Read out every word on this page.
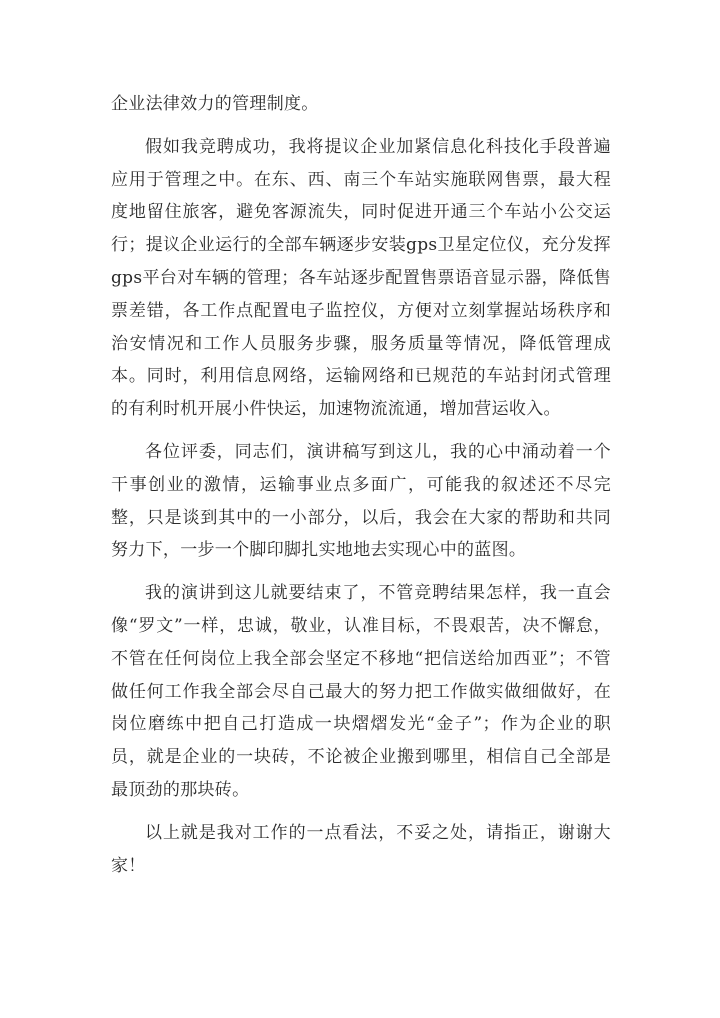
企业法律效力的管理制度。

假如我竞聘成功，我将提议企业加紧信息化科技化手段普遍应用于管理之中。在东、西、南三个车站实施联网售票，最大程度地留住旅客，避免客源流失，同时促进开通三个车站小公交运行；提议企业运行的全部车辆逐步安装gps卫星定位仪，充分发挥gps平台对车辆的管理；各车站逐步配置售票语音显示器，降低售票差错，各工作点配置电子监控仪，方便对立刻掌握站场秩序和治安情况和工作人员服务步骤，服务质量等情况，降低管理成本。同时，利用信息网络，运输网络和已规范的车站封闭式管理的有利时机开展小件快运，加速物流流通，增加营运收入。

各位评委，同志们，演讲稿写到这儿，我的心中涌动着一个干事创业的激情，运输事业点多面广，可能我的叙述还不尽完整，只是谈到其中的一小部分，以后，我会在大家的帮助和共同努力下，一步一个脚印脚扎实地地去实现心中的蓝图。

我的演讲到这儿就要结束了，不管竞聘结果怎样，我一直会像“罗文”一样，忠诚，敬业，认准目标，不畏艰苦，决不懈怠，不管在任何岗位上我全部会坚定不移地“把信送给加西亚”；不管做任何工作我全部会尽自己最大的努力把工作做实做细做好，在岗位磨练中把自己打造成一块熠熠发光“金子”；作为企业的职员，就是企业的一块砖，不论被企业搬到哪里，相信自己全部是最顶劲的那块砖。

以上就是我对工作的一点看法，不妥之处，请指正，谢谢大家！
